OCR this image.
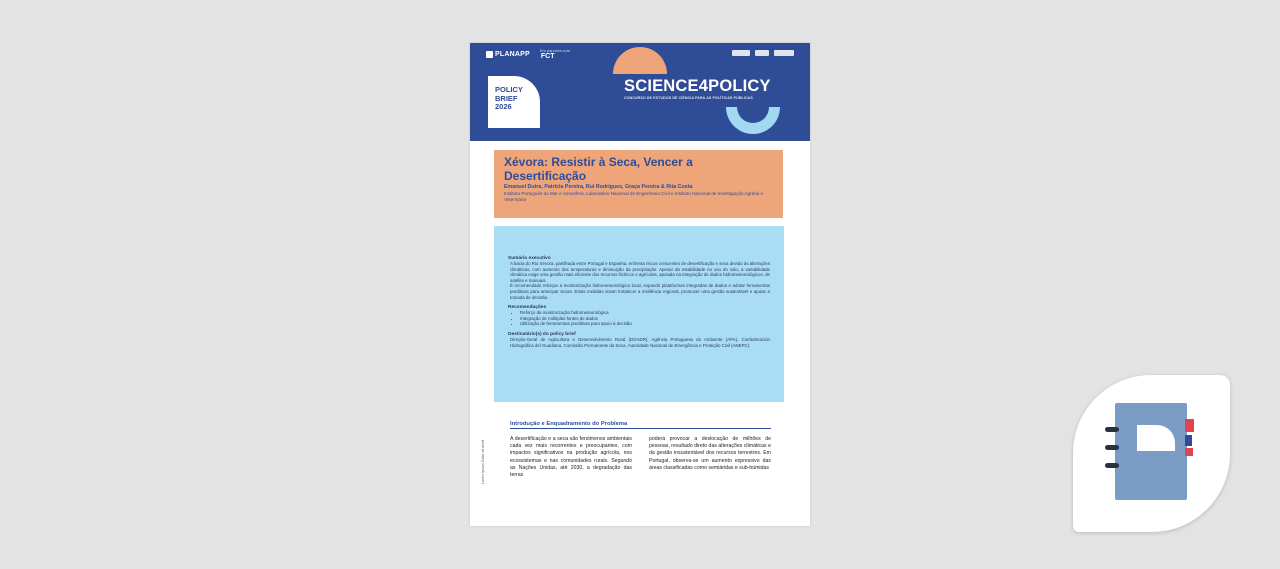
PLANAPP	Em parceria com
FCT
SCIENCE4POLICY
CONCURSO DE ESTUDOS DE CIÊNCIA PARA AS POLÍTICAS PÚBLICAS
POLICY
BRIEF
2026
Xévora: Resistir à Seca, Vencer a Desertificação
Emanuel Dutra, Patrícia Pereira, Rui Rodrigues, Graça Pereira & Rita Costa
Instituto Português do Mar e Atmosfera, Laboratório Nacional de Engenharia Civil e Instituto Nacional de Investigação Agrária e Veterinária
Sumário executivo
A bacia do Rio Xévora, partilhada entre Portugal e Espanha, enfrenta riscos crescentes de desertificação e seca devido às alterações climáticas, com aumento das temperaturas e diminuição da precipitação. Apesar da estabilidade no uso do solo, a variabilidade climática exige uma gestão mais eficiente dos recursos hídricos e agrícolas, apoiada na integração de dados hidrometeorológicos, de satélite e manuais.
É recomendado reforçar a monitorização hidrometeorológica local, expandir plataformas integradas de dados e adotar ferramentas preditivas para antecipar secas. Estas medidas visam fortalecer a resiliência regional, promover uma gestão sustentável e apoiar a tomada de decisão.
Recomendações
• Reforço da monitorização hidrometeorológica
• Integração de múltiplas fontes de dados
• Utilização de ferramentas preditivas para apoio à decisão
Destinatário(s) do policy brief
Direção-Geral de Agricultura e Desenvolvimento Rural (DGADR), Agência Portuguesa do Ambiente (APA), Confederación Hidrográfica del Guadiana, Comissão Permanente da Seca, Autoridade Nacional de Emergência e Proteção Civil (ANEPC).
Lorem Ipsum Dolor sit amet
Introdução e Enquadramento do Problema
A desertificação e a seca são fenómenos ambientais cada vez mais recorrentes e preocupantes, com impactos significativos na produção agrícola, nos ecossistemas e nas comunidades rurais. Segundo as Nações Unidas, até 2030, a degradação das terras
poderá provocar a deslocação de milhões de pessoas, resultado direto das alterações climáticas e da gestão insustentável dos recursos terrestres. Em Portugal, observa-se um aumento expressivo das áreas classificadas como semiáridas e sub-húmidas
